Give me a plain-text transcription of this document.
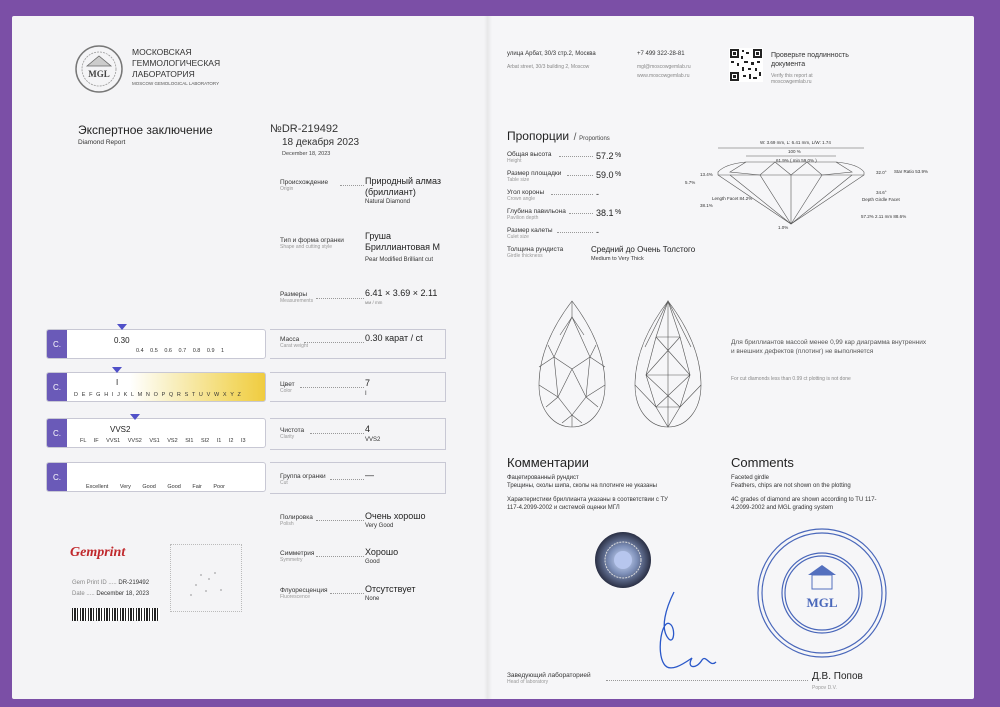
MGL
МОСКОВСКАЯ
ГЕММОЛОГИЧЕСКАЯ
ЛАБОРАТОРИЯ
MOSCOW GEMOLOGICAL LABORATORY
Экспертное заключение
Diamond Report
№DR-219492
18 декабря 2023
December 18, 2023
Происхождение
Origin
Природный алмаз (бриллиант)
Natural Diamond
Тип и форма огранки
Shape and cutting style
Груша Бриллиантовая М
Pear Modified Brilliant cut
Размеры
Measurements
6.41 × 3.69 × 2.11
мм / mm
C.	0.30
0.4 0.5 0.6 0.7 0.8 0.9 1
Масса
Carat weight
0.30 карат / ct
C.	I
D E F G H I J K L M N O P Q R S T U V W X Y Z
Цвет
Color
7
I
C.	VVS2
FL IF VVS1 VVS2 VS1 VS2 SI1 SI2 I1 I2 I3
Чистота
Clarity
4
VVS2
C.
Excellent Very Good Good Fair Poor
Группа огранки
Cut
—
Полировка
Polish
Очень хорошо
Very Good
Симметрия
Symmetry
Хорошо
Good
Флуоресценция
Fluorescence
Отсутствует
None
Gemprint
Gem Print ID ..... DR-219492
Date ..... December 18, 2023
улица Арбат, 30/3 стр.2, Москва
Arbat street, 30/3 building 2, Moscow
+7 499 322-28-81
mgl@moscowgemlab.ru
www.moscowgemlab.ru
Проверьте подлинность документа
Verify this report at moscowgemlab.ru
Пропорции / Proportions
Общая высота
Height	57.2 %
Размер площадки
Table size	59.0 %
Угол короны
Crown angle	-
Глубина павильона
Pavilion depth	38.1 %
Размер калеты
Culet size	-
Толщина рундиста
Girdle thickness
Средний до Очень Толстого
Medium to Very Thick
W: 3.69 mm, L: 6.41 mm, L/W: 1.74
100 %
61.9% ( min 59.0% )
13.4%
5.7%
32.0° Star Ratio 53.9%
34.6°
Depth Girdle Facet
57.2% 2.11 mm 88.6%
Length Facet 84.2%
38.1%
1.0%
Для бриллиантов массой менее 0,99 кар диаграмма внутренних и внешних дефектов (плотинг) не выполняется
For cut diamonds less than 0.99 ct plotting is not done
Комментарии	Comments
Фацетированный рундист
Трещины, сколы шипа, сколы на плотинге не указаны
Характеристики бриллианта указаны в соответствии с ТУ 117-4.2099-2002 и системой оценки МГЛ
Faceted girdle
Feathers, chips are not shown on the plotting
4C grades of diamond are shown according to TU 117-4.2099-2002 and MGL grading system
MGL
Заведующий лабораторией
Head of laboratory	Д.В. Попов
Popov D.V.
